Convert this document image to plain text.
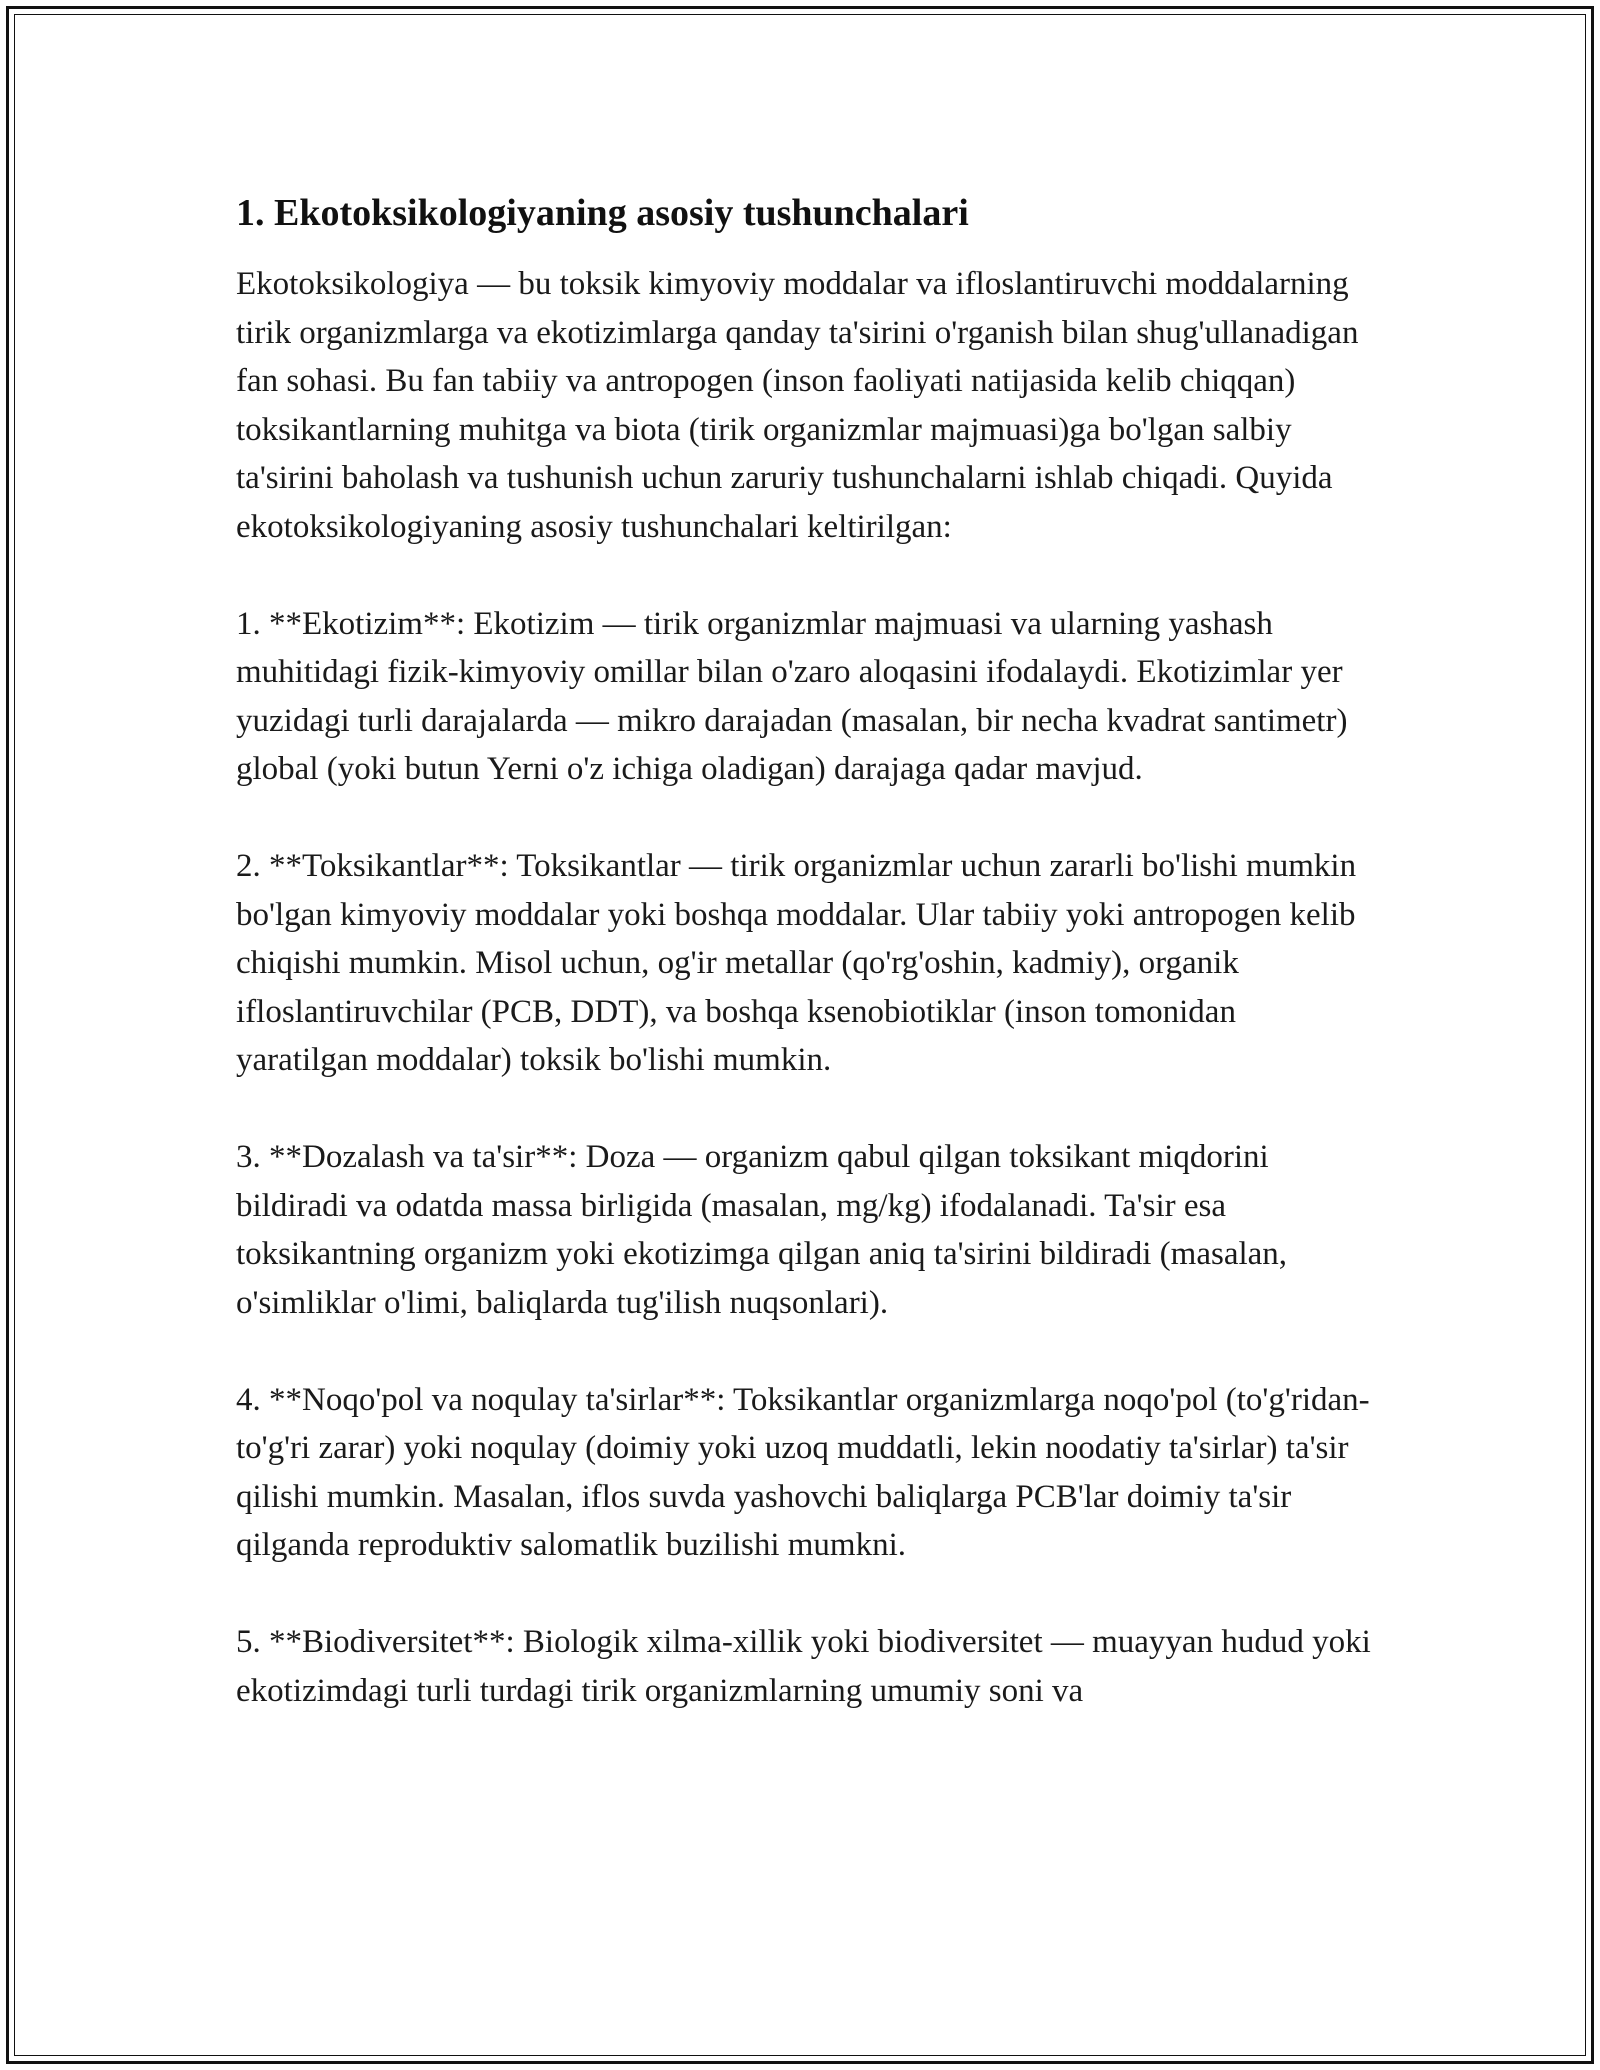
1. Ekotoksikologiyaning asosiy tushunchalari

Ekotoksikologiya — bu toksik kimyoviy moddalar va ifloslantiruvchi moddalarning tirik organizmlarga va ekotizimlarga qanday ta'sirini o'rganish bilan shug'ullanadigan fan sohasi. Bu fan tabiiy va antropogen (inson faoliyati natijasida kelib chiqqan) toksikantlarning muhitga va biota (tirik organizmlar majmuasi)ga bo'lgan salbiy ta'sirini baholash va tushunish uchun zaruriy tushunchalarni ishlab chiqadi. Quyida ekotoksikologiyaning asosiy tushunchalari keltirilgan:

1. **Ekotizim**: Ekotizim — tirik organizmlar majmuasi va ularning yashash muhitidagi fizik-kimyoviy omillar bilan o'zaro aloqasini ifodalaydi. Ekotizimlar yer yuzidagi turli darajalarda — mikro darajadan (masalan, bir necha kvadrat santimetr) global (yoki butun Yerni o'z ichiga oladigan) darajaga qadar mavjud.

2. **Toksikantlar**: Toksikantlar — tirik organizmlar uchun zararli bo'lishi mumkin bo'lgan kimyoviy moddalar yoki boshqa moddalar. Ular tabiiy yoki antropogen kelib chiqishi mumkin. Misol uchun, og'ir metallar (qo'rg'oshin, kadmiy), organik ifloslantiruvchilar (PCB, DDT), va boshqa ksenobiotiklar (inson tomonidan yaratilgan moddalar) toksik bo'lishi mumkin.

3. **Dozalash va ta'sir**: Doza — organizm qabul qilgan toksikant miqdorini bildiradi va odatda massa birligida (masalan, mg/kg) ifodalanadi. Ta'sir esa toksikantning organizm yoki ekotizimga qilgan aniq ta'sirini bildiradi (masalan, o'simliklar o'limi, baliqlarda tug'ilish nuqsonlari).

4. **Noqo'pol va noqulay ta'sirlar**: Toksikantlar organizmlarga noqo'pol (to'g'ridan-to'g'ri zarar) yoki noqulay (doimiy yoki uzoq muddatli, lekin noodatiy ta'sirlar) ta'sir qilishi mumkin. Masalan, iflos suvda yashovchi baliqlarga PCB'lar doimiy ta'sir qilganda reproduktiv salomatlik buzilishi mumkni.

5. **Biodiversitet**: Biologik xilma-xillik yoki biodiversitet — muayyan hudud yoki ekotizimdagi turli turdagi tirik organizmlarning umumiy soni va
